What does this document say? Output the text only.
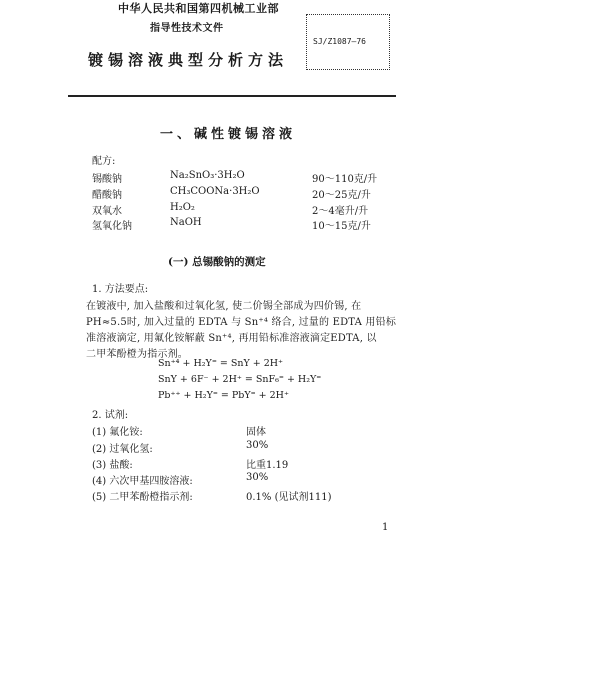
中华人民共和国第四机械工业部
指导性技术文件
镀锡溶液典型分析方法
SJ/Z1087—76
一、碱性镀锡溶液
配方:
锡酸钠	Na₂SnO₃·3H₂O	90～110克/升
醋酸钠	CH₃COONa·3H₂O	20～25克/升
双氧水	H₂O₂	2～4毫升/升
氢氧化钠	NaOH	10～15克/升
(一) 总锡酸钠的测定
1. 方法要点:
在镀液中, 加入盐酸和过氧化氢, 使二价锡全部成为四价锡, 在
PH≈5.5时, 加入过量的 EDTA 与 Sn⁺⁴ 络合, 过量的 EDTA 用铅标
准溶液滴定, 用氟化铵解蔽 Sn⁺⁴, 再用铅标准溶液滴定EDTA, 以
二甲苯酚橙为指示剂。
Sn⁺⁴ + H₂Y⁼ = SnY + 2H⁺
SnY + 6F⁻ + 2H⁺ = SnF₆⁼ + H₂Y⁼
Pb⁺⁺ + H₂Y⁼ = PbY⁼ + 2H⁺
2. 试剂:
(1) 氟化铵:	固体
(2) 过氧化氢:	30%
(3) 盐酸:	比重1.19
(4) 六次甲基四胺溶液:	30%
(5) 二甲苯酚橙指示剂:	0.1% (见试剂111)
1
